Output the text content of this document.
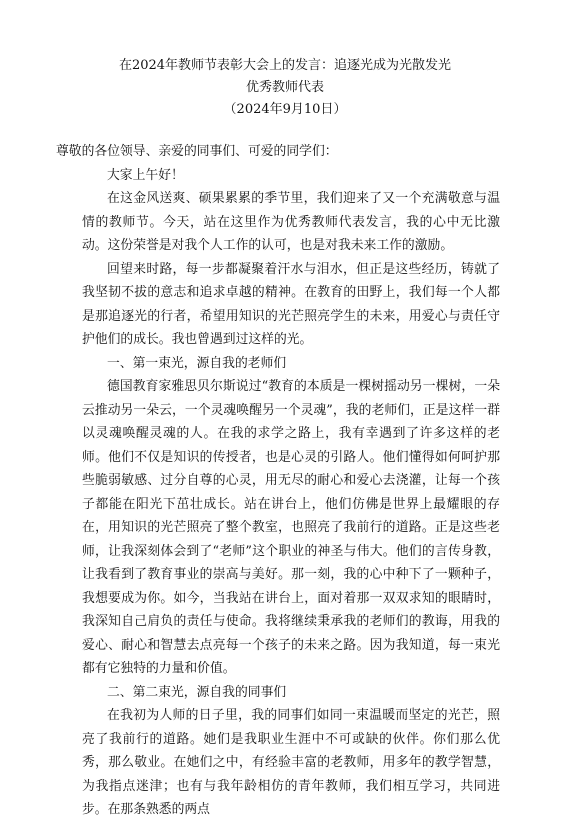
在2024年教师节表彰大会上的发言：追逐光成为光散发光
优秀教师代表
（2024年9月10日）

尊敬的各位领导、亲爱的同事们、可爱的同学们：

大家上午好！

在这金风送爽、硕果累累的季节里，我们迎来了又一个充满敬意与温情的教师节。今天，站在这里作为优秀教师代表发言，我的心中无比激动。这份荣誉是对我个人工作的认可，也是对我未来工作的激励。

回望来时路，每一步都凝聚着汗水与泪水，但正是这些经历，铸就了我坚韧不拔的意志和追求卓越的精神。在教育的田野上，我们每一个人都是那追逐光的行者，希望用知识的光芒照亮学生的未来，用爱心与责任守护他们的成长。我也曾遇到过这样的光。

一、第一束光，源自我的老师们

德国教育家雅思贝尔斯说过“教育的本质是一棵树摇动另一棵树，一朵云推动另一朵云，一个灵魂唤醒另一个灵魂”，我的老师们，正是这样一群以灵魂唤醒灵魂的人。在我的求学之路上，我有幸遇到了许多这样的老师。他们不仅是知识的传授者，也是心灵的引路人。他们懂得如何呵护那些脆弱敏感、过分自尊的心灵，用无尽的耐心和爱心去浇灌，让每一个孩子都能在阳光下茁壮成长。站在讲台上，他们仿佛是世界上最耀眼的存在，用知识的光芒照亮了整个教室，也照亮了我前行的道路。正是这些老师，让我深刻体会到了“老师”这个职业的神圣与伟大。他们的言传身教，让我看到了教育事业的崇高与美好。那一刻，我的心中种下了一颗种子，我想要成为你。如今，当我站在讲台上，面对着那一双双求知的眼睛时，我深知自己肩负的责任与使命。我将继续秉承我的老师们的教诲，用我的爱心、耐心和智慧去点亮每一个孩子的未来之路。因为我知道，每一束光都有它独特的力量和价值。

二、第二束光，源自我的同事们

在我初为人师的日子里，我的同事们如同一束温暖而坚定的光芒，照亮了我前行的道路。她们是我职业生涯中不可或缺的伙伴。你们那么优秀，那么敬业。在她们之中，有经验丰富的老教师，用多年的教学智慧，为我指点迷津；也有与我年龄相仿的青年教师，我们相互学习，共同进步。在那条熟悉的两点
